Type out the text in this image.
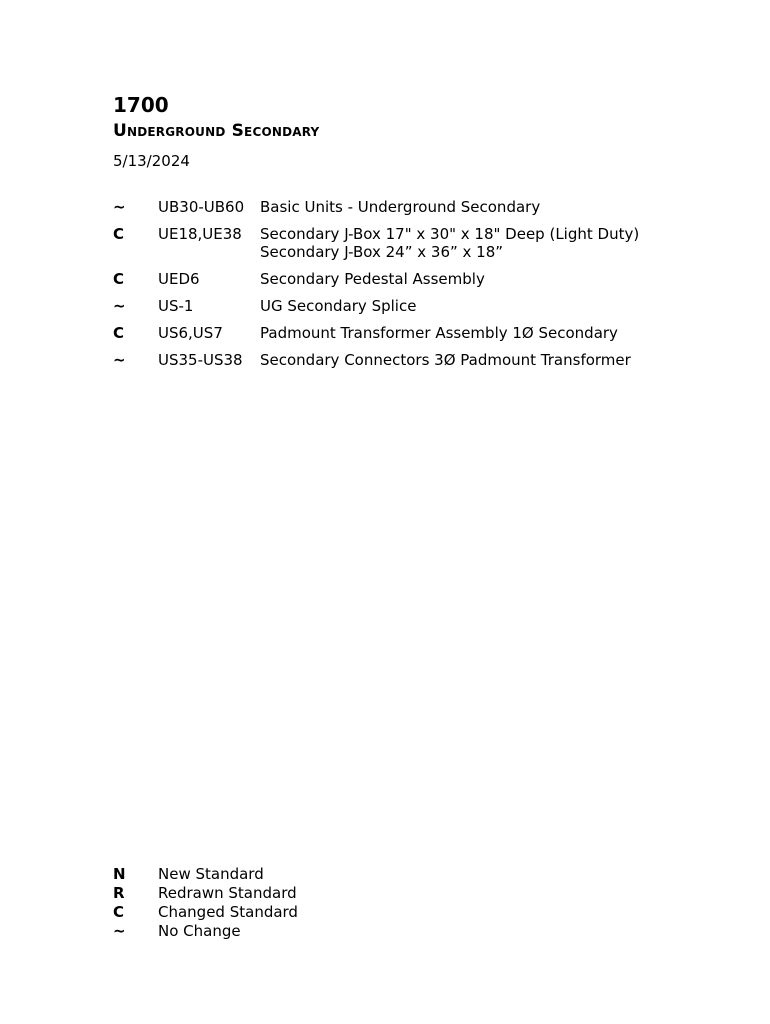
1700
Underground Secondary
5/13/2024
~	UB30-UB60	Basic Units - Underground Secondary
C	UE18,UE38	Secondary J-Box 17" x 30" x 18" Deep (Light Duty)
Secondary J-Box 24” x 36” x 18”
C	UED6	Secondary Pedestal Assembly
~	US-1	UG Secondary Splice
C	US6,US7	Padmount Transformer Assembly 1Ø Secondary
~	US35-US38	Secondary Connectors 3Ø Padmount Transformer
N	New Standard
R	Redrawn Standard
C	Changed Standard
~	No Change
